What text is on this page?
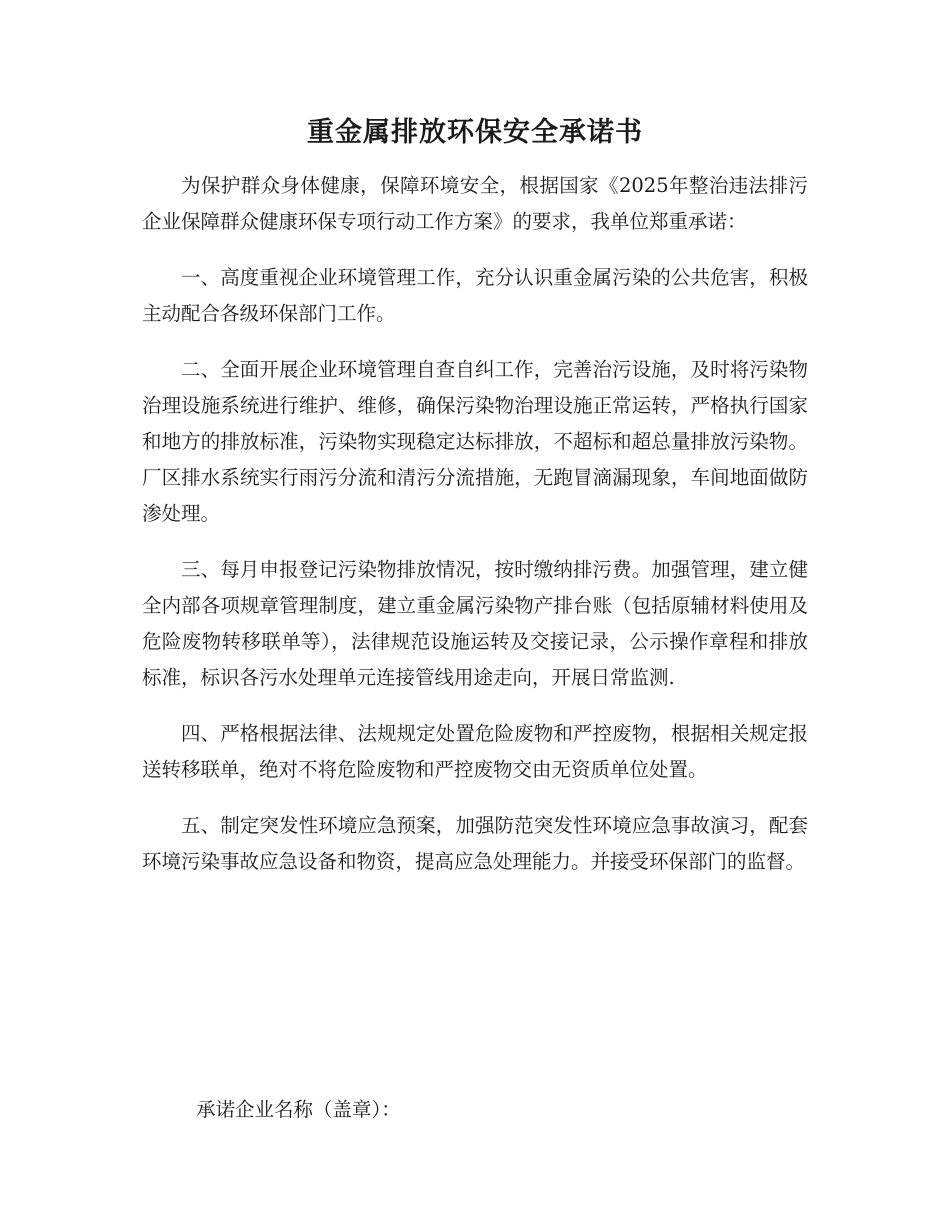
重金属排放环保安全承诺书

为保护群众身体健康，保障环境安全，根据国家《2025年整治违法排污企业保障群众健康环保专项行动工作方案》的要求，我单位郑重承诺：

一、高度重视企业环境管理工作，充分认识重金属污染的公共危害，积极主动配合各级环保部门工作。

二、全面开展企业环境管理自查自纠工作，完善治污设施，及时将污染物治理设施系统进行维护、维修，确保污染物治理设施正常运转，严格执行国家和地方的排放标准，污染物实现稳定达标排放，不超标和超总量排放污染物。厂区排水系统实行雨污分流和清污分流措施，无跑冒滴漏现象，车间地面做防渗处理。

三、每月申报登记污染物排放情况，按时缴纳排污费。加强管理，建立健全内部各项规章管理制度，建立重金属污染物产排台账（包括原辅材料使用及危险废物转移联单等），法律规范设施运转及交接记录，公示操作章程和排放标准，标识各污水处理单元连接管线用途走向，开展日常监测.

四、严格根据法律、法规规定处置危险废物和严控废物，根据相关规定报送转移联单，绝对不将危险废物和严控废物交由无资质单位处置。

五、制定突发性环境应急预案，加强防范突发性环境应急事故演习，配套环境污染事故应急设备和物资，提高应急处理能力。并接受环保部门的监督。

承诺企业名称（盖章）：
